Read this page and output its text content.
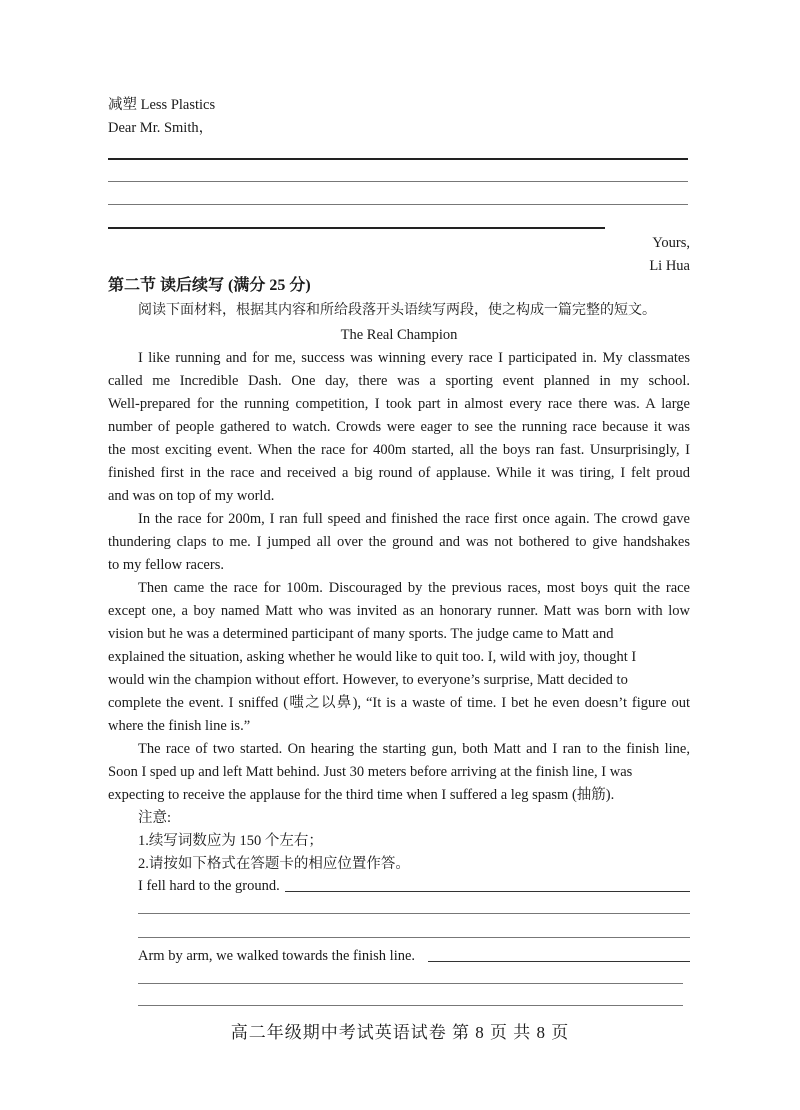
减塑 Less Plastics
Dear Mr. Smith，
Yours,
Li Hua
第二节 读后续写 (满分 25 分)
阅读下面材料，根据其内容和所给段落开头语续写两段，使之构成一篇完整的短文。
The Real Champion
I like running and for me, success was winning every race I participated in. My classmates
called me Incredible Dash. One day, there was a sporting event planned in my school.
Well-prepared for the running competition, I took part in almost every race there was. A large
number of people gathered to watch. Crowds were eager to see the running race because it was
the most exciting event. When the race for 400m started, all the boys ran fast. Unsurprisingly, I
finished first in the race and received a big round of applause. While it was tiring, I felt proud
and was on top of my world.
In the race for 200m, I ran full speed and finished the race first once again. The crowd gave
thundering claps to me. I jumped all over the ground and was not bothered to give handshakes
to my fellow racers.
Then came the race for 100m. Discouraged by the previous races, most boys quit the race
except one, a boy named Matt who was invited as an honorary runner. Matt was born with low
vision but he was a determined participant of many sports. The judge came to Matt and
explained the situation, asking whether he would like to quit too. I, wild with joy, thought I
would win the champion without effort. However, to everyone’s surprise, Matt decided to
complete the event. I sniffed (嗤之以鼻), “It is a waste of time. I bet he even doesn’t figure out
where the finish line is.”
The race of two started. On hearing the starting gun, both Matt and I ran to the finish line,
Soon I sped up and left Matt behind. Just 30 meters before arriving at the finish line, I was
expecting to receive the applause for the third time when I suffered a leg spasm (抽筋).
注意:
1.续写词数应为 150 个左右；
2.请按如下格式在答题卡的相应位置作答。
I fell hard to the ground.
Arm by arm, we walked towards the finish line.
高二年级期中考试英语试卷 第 8 页 共 8 页
